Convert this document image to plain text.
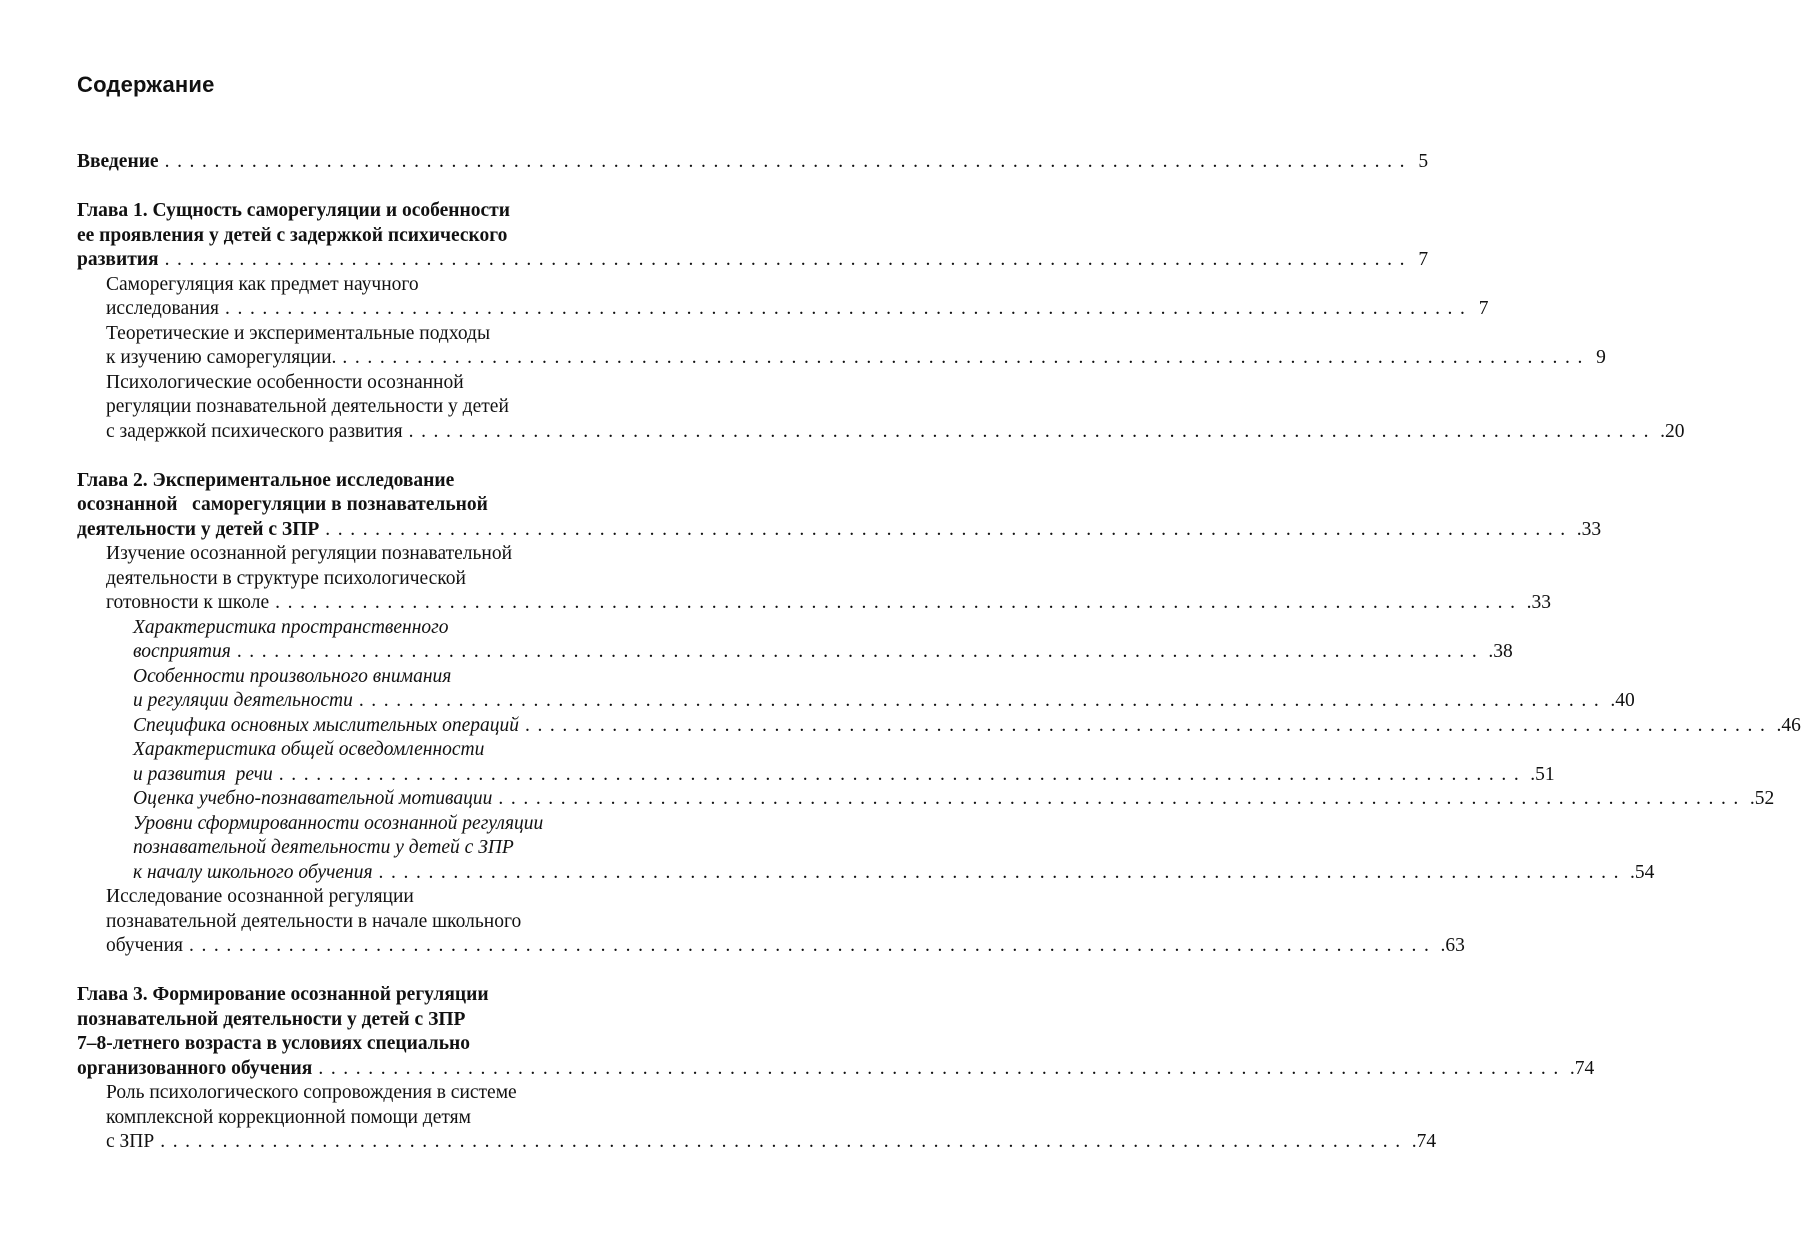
Содержание
Введение .................................................................................................... 5
Глава 1. Сущность саморегуляции и особенности
ее проявления у детей с задержкой психического
развития .................................................................................................... 7
Саморегуляция как предмет научного
исследования .................................................................................................... 7
Теоретические и экспериментальные подходы
к изучению саморегуляции. .................................................................................................... 9
Психологические особенности осознанной
регуляции познавательной деятельности у детей
с задержкой психического развития .................................................................................................... .20
Глава 2. Экспериментальное исследование
осознанной   саморегуляции в познавательной
деятельности у детей с ЗПР .................................................................................................... .33
Изучение осознанной регуляции познавательной
деятельности в структуре психологической
готовности к школе .................................................................................................... .33
Характеристика пространственного
восприятия .................................................................................................... .38
Особенности произвольного внимания
и регуляции деятельности .................................................................................................... .40
Специфика основных мыслительных операций .................................................................................................... .46
Характеристика общей осведомленности
и развития  речи .................................................................................................... .51
Оценка учебно-познавательной мотивации .................................................................................................... .52
Уровни сформированности осознанной регуляции
познавательной деятельности у детей с ЗПР
к началу школьного обучения .................................................................................................... .54
Исследование осознанной регуляции
познавательной деятельности в начале школьного
обучения .................................................................................................... .63
Глава 3. Формирование осознанной регуляции
познавательной деятельности у детей с ЗПР
7–8-летнего возраста в условиях специально
организованного обучения .................................................................................................... .74
Роль психологического сопровождения в системе
комплексной коррекционной помощи детям
с ЗПР .................................................................................................... .74
